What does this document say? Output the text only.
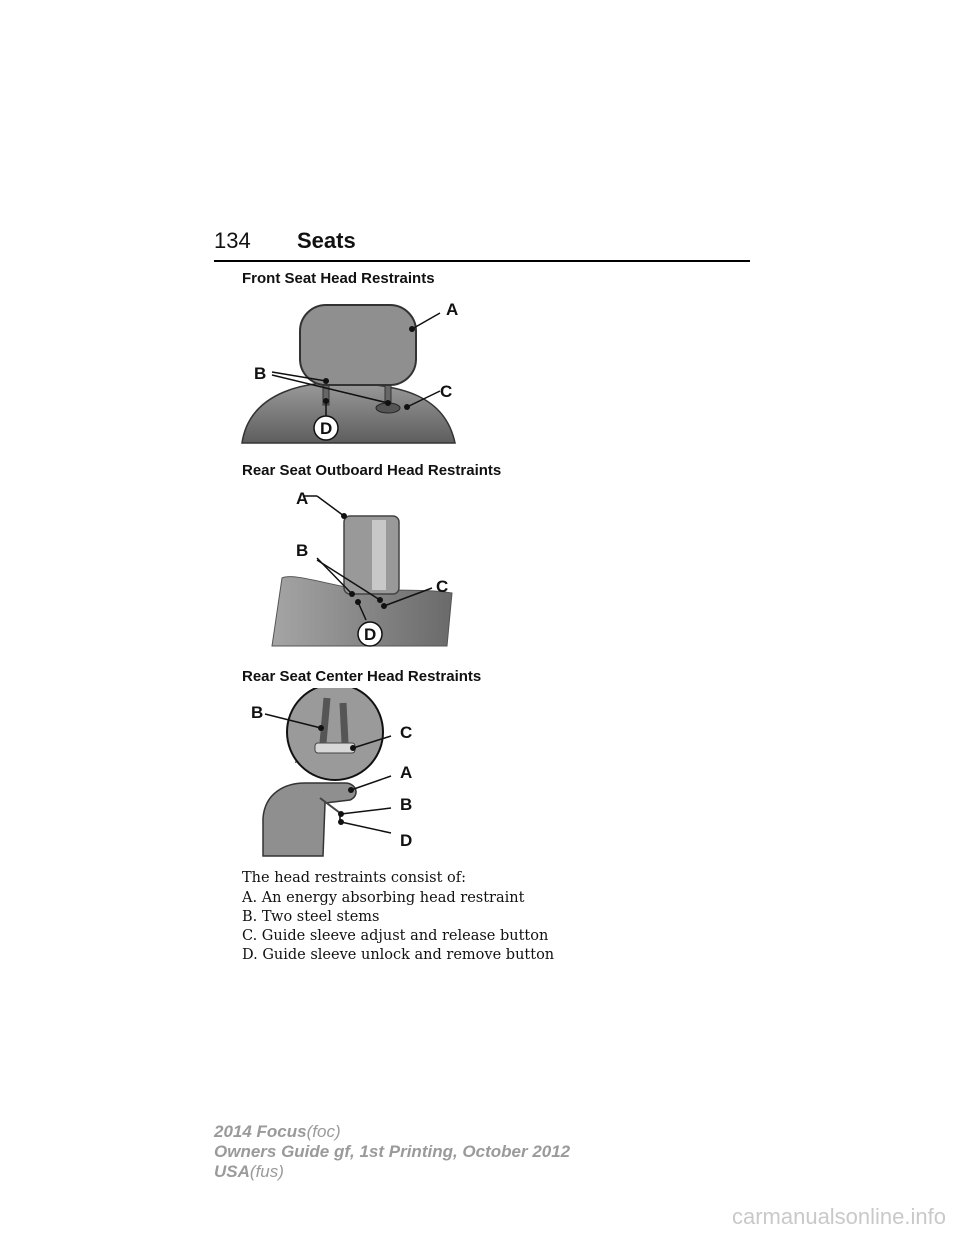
134 Seats
Front Seat Head Restraints
A
B
C
D
Rear Seat Outboard Head Restraints
A
B
C
D
Rear Seat Center Head Restraints
B
C
A
B
D
The head restraints consist of:
A. An energy absorbing head restraint
B. Two steel stems
C. Guide sleeve adjust and release button
D. Guide sleeve unlock and remove button
2014 Focus(foc)
Owners Guide gf, 1st Printing, October 2012
USA(fus)
carmanualsonline.info
